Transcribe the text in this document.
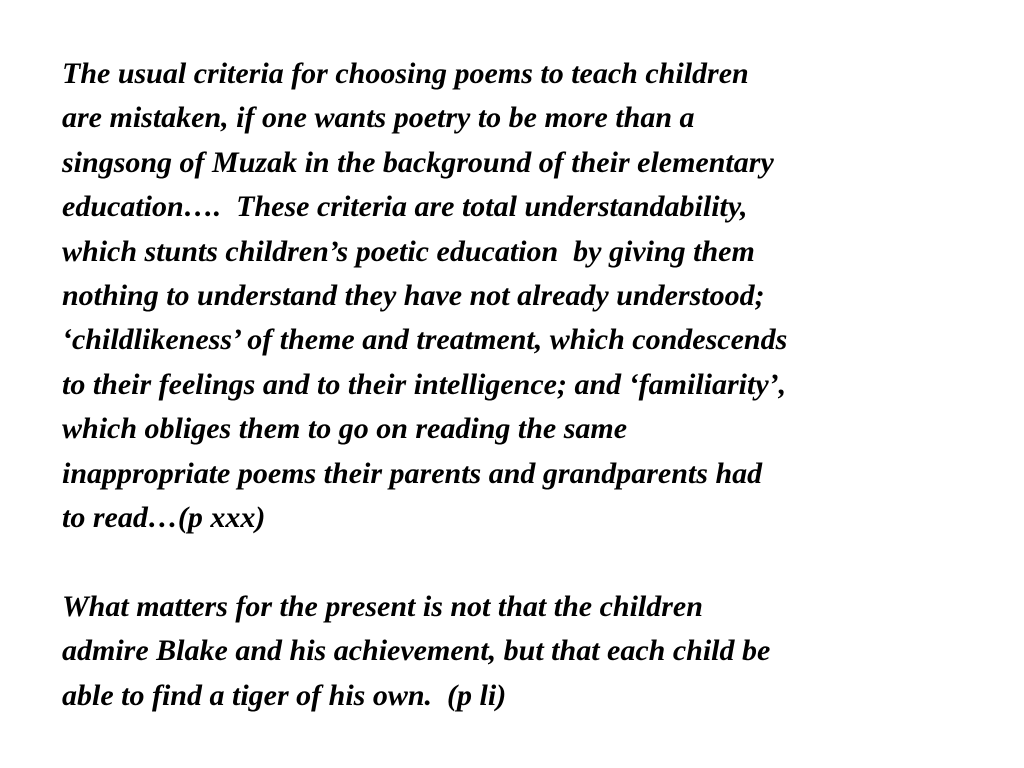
The usual criteria for choosing poems to teach children
are mistaken, if one wants poetry to be more than a
singsong of Muzak in the background of their elementary
education….  These criteria are total understandability,
which stunts children’s poetic education  by giving them
nothing to understand they have not already understood;
‘childlikeness’ of theme and treatment, which condescends
to their feelings and to their intelligence; and ‘familiarity’,
which obliges them to go on reading the same
inappropriate poems their parents and grandparents had
to read…(p xxx)
What matters for the present is not that the children
admire Blake and his achievement, but that each child be
able to find a tiger of his own.  (p li)
